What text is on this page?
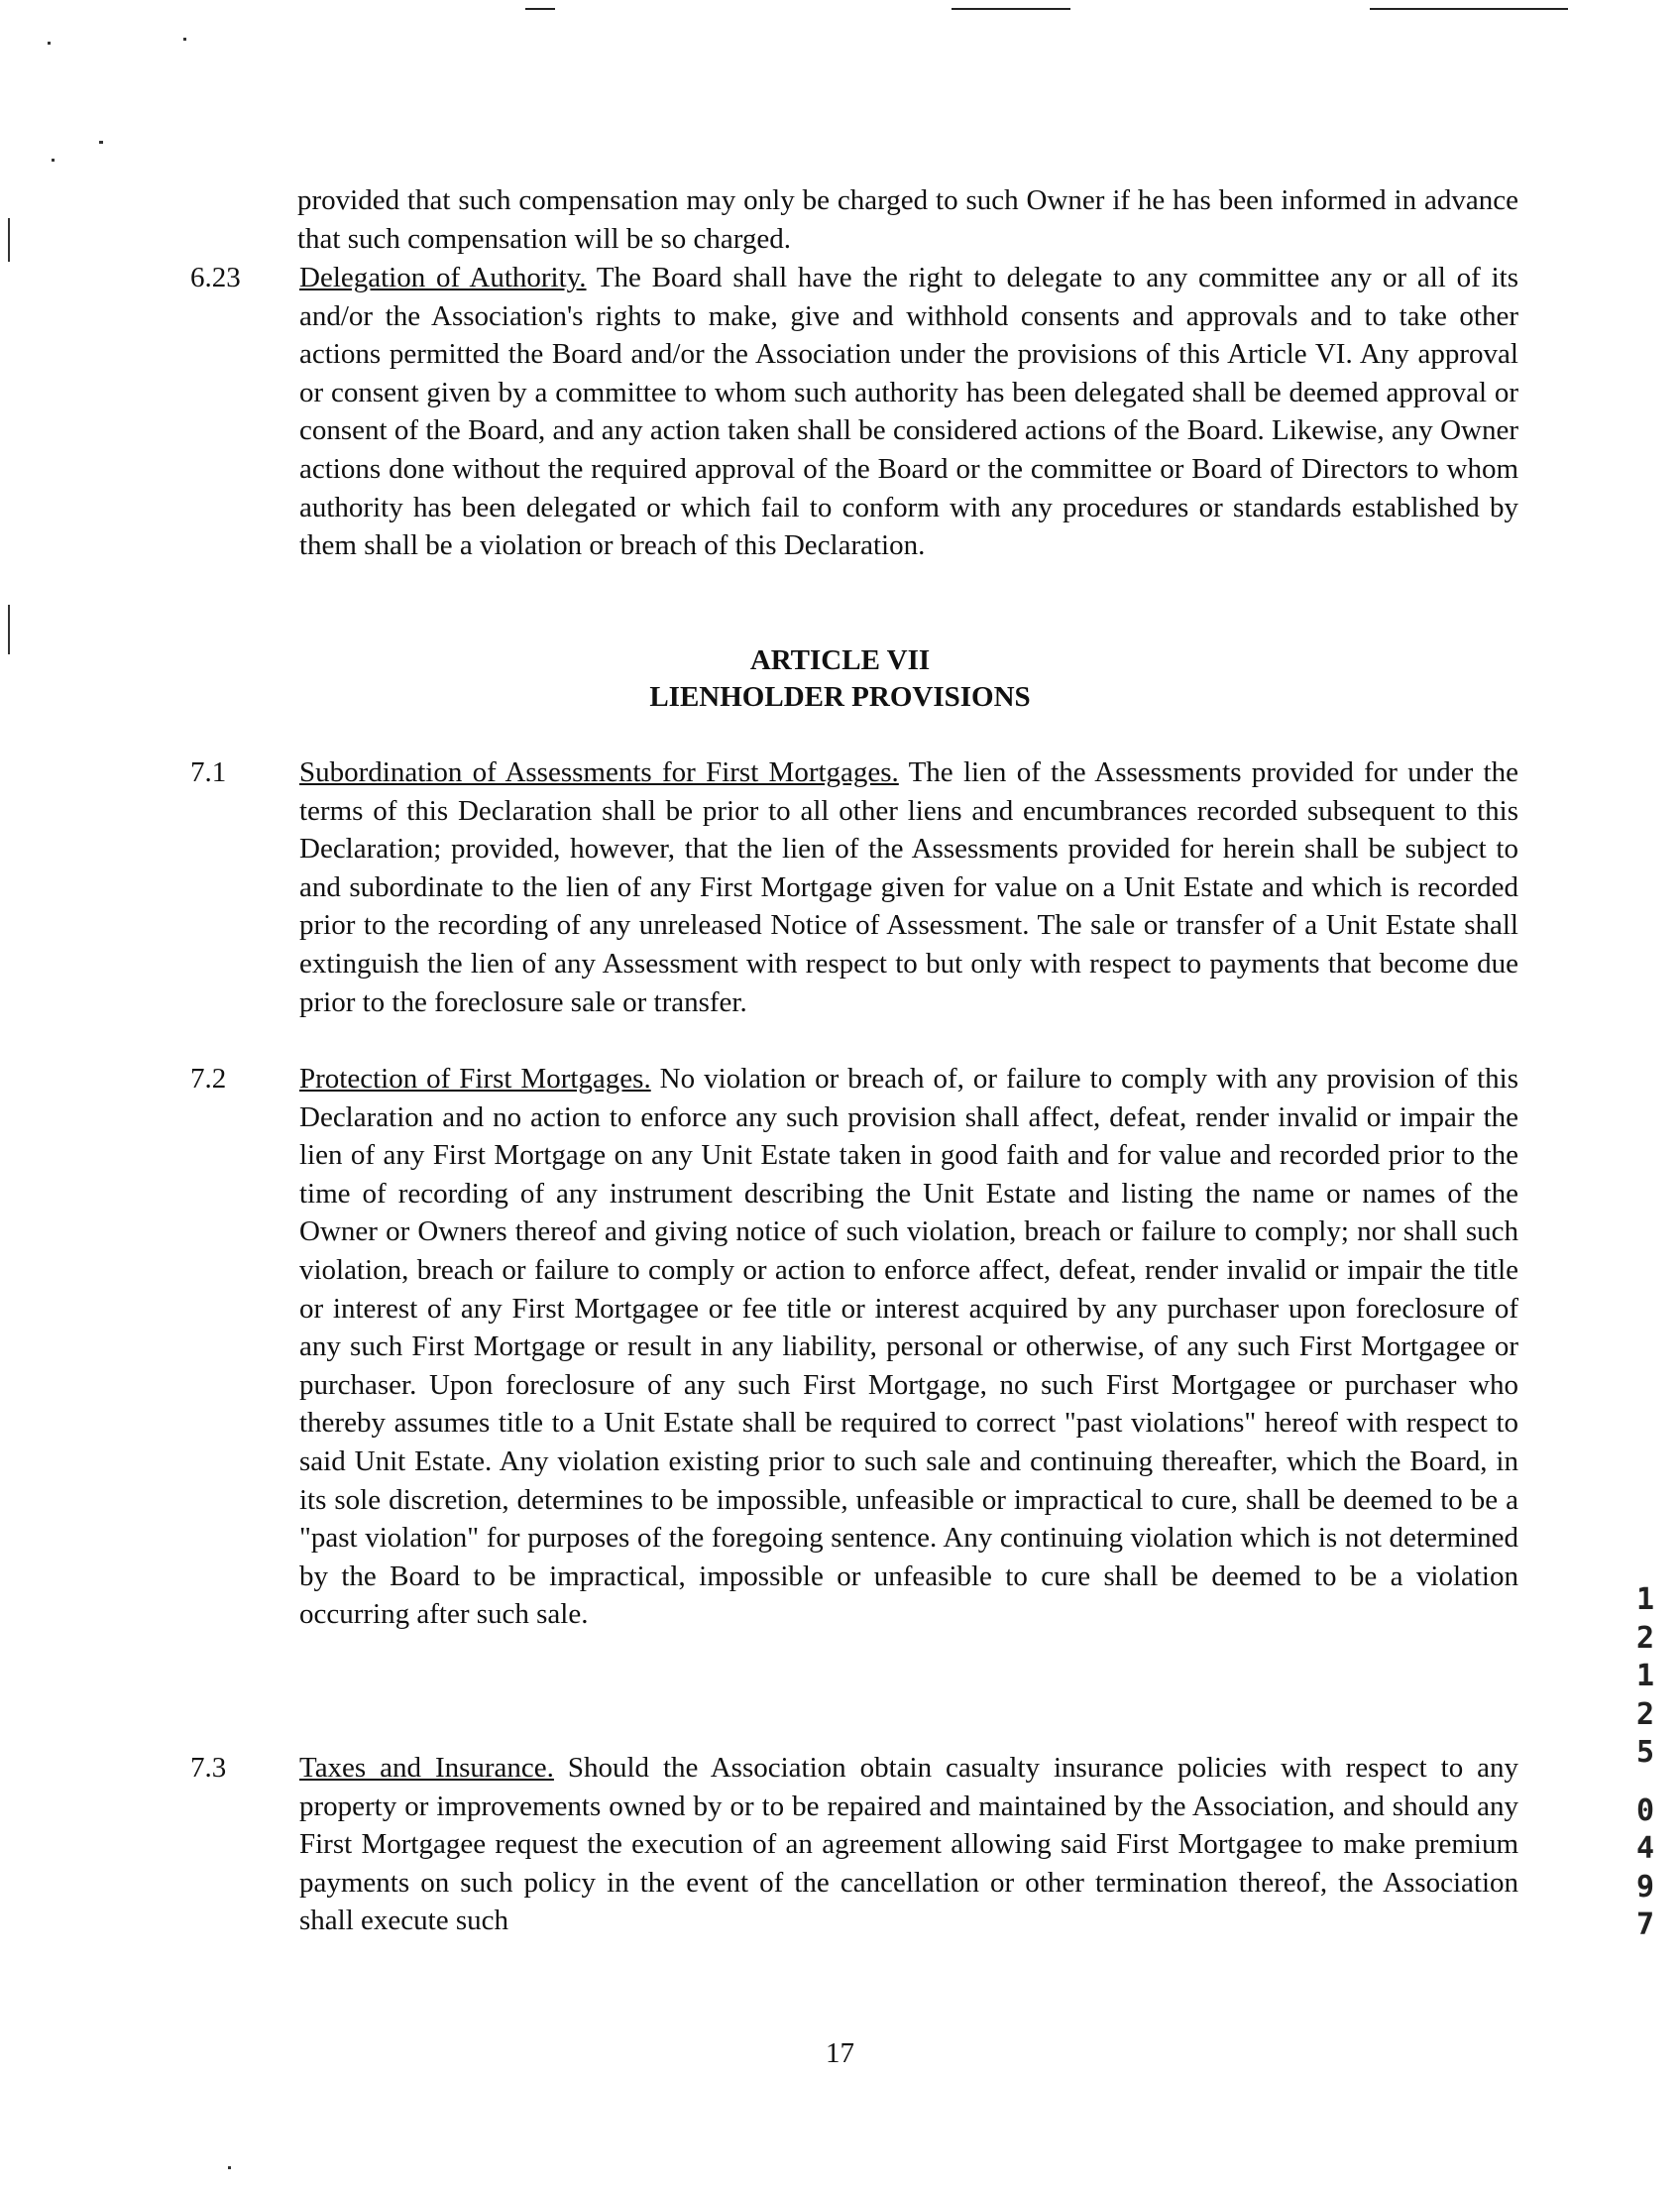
provided that such compensation may only be charged to such Owner if he has been informed in advance that such compensation will be so charged.
6.23	Delegation of Authority. The Board shall have the right to delegate to any committee any or all of its and/or the Association's rights to make, give and withhold consents and approvals and to take other actions permitted the Board and/or the Association under the provisions of this Article VI. Any approval or consent given by a committee to whom such authority has been delegated shall be deemed approval or consent of the Board, and any action taken shall be considered actions of the Board. Likewise, any Owner actions done without the required approval of the Board or the committee or Board of Directors to whom authority has been delegated or which fail to conform with any procedures or standards established by them shall be a violation or breach of this Declaration.
ARTICLE VII
LIENHOLDER PROVISIONS
7.1	Subordination of Assessments for First Mortgages. The lien of the Assessments provided for under the terms of this Declaration shall be prior to all other liens and encumbrances recorded subsequent to this Declaration; provided, however, that the lien of the Assessments provided for herein shall be subject to and subordinate to the lien of any First Mortgage given for value on a Unit Estate and which is recorded prior to the recording of any unreleased Notice of Assessment. The sale or transfer of a Unit Estate shall extinguish the lien of any Assessment with respect to but only with respect to payments that become due prior to the foreclosure sale or transfer.
7.2	Protection of First Mortgages. No violation or breach of, or failure to comply with any provision of this Declaration and no action to enforce any such provision shall affect, defeat, render invalid or impair the lien of any First Mortgage on any Unit Estate taken in good faith and for value and recorded prior to the time of recording of any instrument describing the Unit Estate and listing the name or names of the Owner or Owners thereof and giving notice of such violation, breach or failure to comply; nor shall such violation, breach or failure to comply or action to enforce affect, defeat, render invalid or impair the title or interest of any First Mortgagee or fee title or interest acquired by any purchaser upon foreclosure of any such First Mortgage or result in any liability, personal or otherwise, of any such First Mortgagee or purchaser. Upon foreclosure of any such First Mortgage, no such First Mortgagee or purchaser who thereby assumes title to a Unit Estate shall be required to correct "past violations" hereof with respect to said Unit Estate. Any violation existing prior to such sale and continuing thereafter, which the Board, in its sole discretion, determines to be impossible, unfeasible or impractical to cure, shall be deemed to be a "past violation" for purposes of the foregoing sentence. Any continuing violation which is not determined by the Board to be impractical, impossible or unfeasible to cure shall be deemed to be a violation occurring after such sale.
7.3	Taxes and Insurance. Should the Association obtain casualty insurance policies with respect to any property or improvements owned by or to be repaired and maintained by the Association, and should any First Mortgagee request the execution of an agreement allowing said First Mortgagee to make premium payments on such policy in the event of the cancellation or other termination thereof, the Association shall execute such
17
1
2
1
2
5
0
4
9
7
